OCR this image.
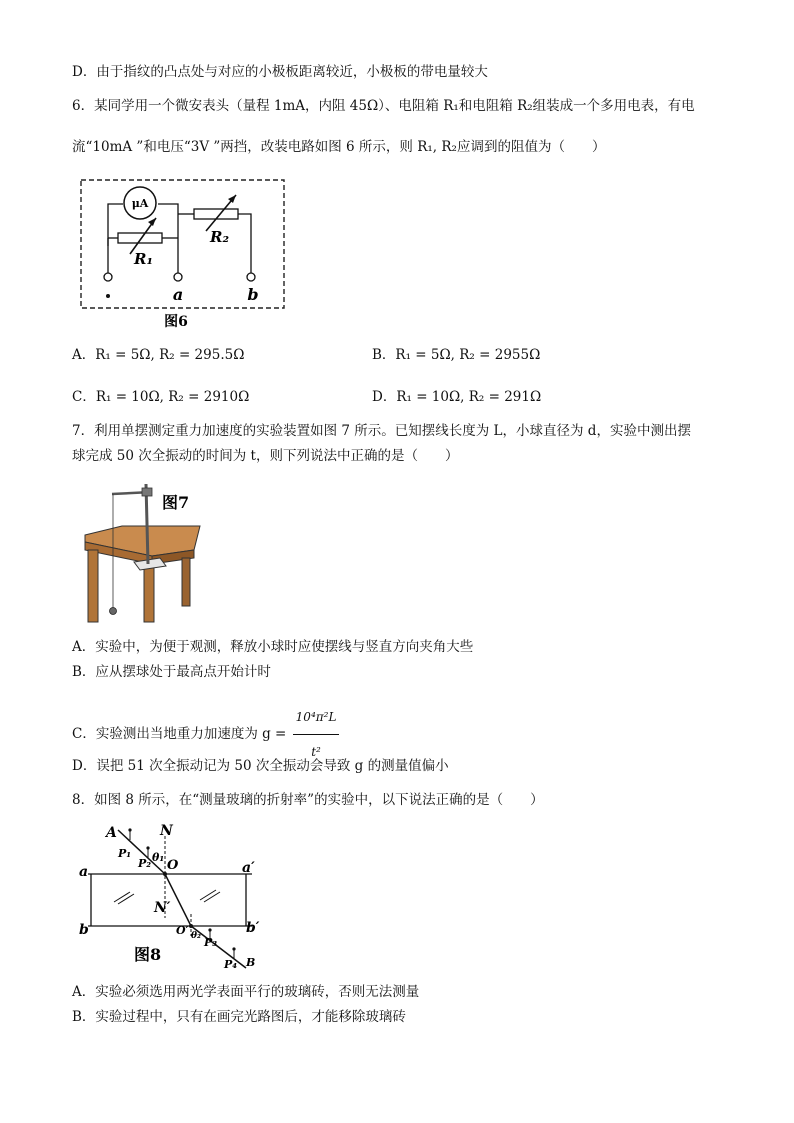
D．由于指纹的凸点处与对应的小极板距离较近，小极板的带电量较大
6．某同学用一个微安表头（量程 1mA，内阻 45Ω）、电阻箱 R₁和电阻箱 R₂组装成一个多用电表，有电
流“10mA ”和电压“3V ”两挡，改装电路如图 6 所示，则 R₁, R₂应调到的阻值为（　　）
μA
R₁
R₂
a	b
图6
A．R₁ = 5Ω, R₂ = 295.5Ω	B．R₁ = 5Ω, R₂ = 2955Ω
C．R₁ = 10Ω, R₂ = 2910Ω	D．R₁ = 10Ω, R₂ = 291Ω
7．利用单摆测定重力加速度的实验装置如图 7 所示。已知摆线长度为 L，小球直径为 d，实验中测出摆
球完成 50 次全振动的时间为 t，则下列说法中正确的是（　　）
图7
A．实验中，为便于观测，释放小球时应使摆线与竖直方向夹角大些
B．应从摆球处于最高点开始计时
C．实验测出当地重力加速度为 $g = \frac{\text{10⁴π²L}}{\text{t²}}$
D．误把 51 次全振动记为 50 次全振动会导致 g 的测量值偏小
8．如图 8 所示，在“测量玻璃的折射率”的实验中，以下说法正确的是（　　）
A	N
P₁
P₂ θ₁
O
a	a′
b	b′
N′
O′ θ₂ P₃
P₄ B
图8
A．实验必须选用两光学表面平行的玻璃砖，否则无法测量
B．实验过程中，只有在画完光路图后，才能移除玻璃砖
